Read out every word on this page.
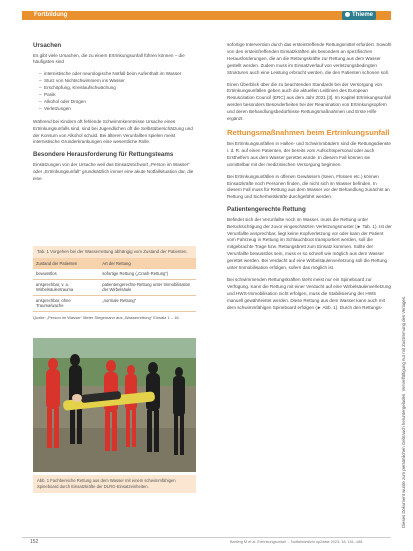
Fortbildung	Thieme
Ursachen

Es gibt viele Ursachen, die zu einem Ertrinkungsunfall führen können – die häufigsten sind

– internistische oder neurologische Notfall beim Aufenthalt im Wasser
– Sturz von Nichtschwimmern ins Wasser
– Erschöpfung, Kreislaufschwächung
– Panik
– Alkohol oder Drogen
– Verletzungen

Während bei Kindern oft fehlende Schwimmkenntnisse Ursache eines Ertrinkungsunfalls sind, sind bei Jugendlichen oft die Selbstüberschätzung und der Konsum von Alkohol schuld. Bei älteren Verunfallten spielen meist internistische Grunderkrankungen eine wesentliche Rolle.

Besondere Herausforderung für Rettungsteams

Einsätzungen von der Ursache weil das Einsatzstichwort „Person im Wasser“ oder „Ertrinkungsunfall“ grundsätzlich immer eine akute Notfallsituation dar, die eine

Tab. 1 Vorgehen bei der Wasserrettung abhängig vom Zustand der Patienten.
Zustand der Patienten	Art der Rettung
bewusstlos	sofortige Rettung („Crash-Rettung“)
ansprechbar, v. a. Wirbelsäulentrauma	patientengerechte Rettung unter Immobilisation der Wirbelsäule
ansprechbar, ohne Trauma/wache	„normale Rettung“
Quelle: „Person im Wasser“ Meter Stegemann aus „Wasserrettung“ Einsatz 1 – 16.
Abb. 1 Fachbereiche Rettung aus dem Wasser mit einem schwimmfähigen Spineboard durch Einsatzkräfte der DLRG-Einsatzeinheiten.

sofortige Intervention durch das ersteintreffende Rettungsmittel erfordert. Sowohl von den ersteinfreffenden Einsatzkräften als besonders an spezifischen Herausforderungen, die an die Rettungskräfte zur Rettung aus dem Wasser gestellt werden. Zudem muss im Einsatzverlauf von verletzungsbedingten Strukturen auch eine Leistung erbracht werden, die den Patienten schonen soll.

Einen Überblick über die zu beachtenden Standards bei der Versorgung von Ertrinkungsunfällen geben auch die aktuellen Leitlinien des European Resuscitation Council (ERC) aus dem Jahr 2021 [3]. Im Kapitel Ertrinkungsunfall werden besonders Besonderheiten bei der Reanimation von Ertrinkungsopfern und deren Behandlungsbedürfnisse Rettungsmaßnahmen und Erste Hilfe ergänzt.

Rettungsmaßnahmen beim Ertrinkungsunfall

Bei Ertrinkungsunfällen in Hallen- und Schwimmbädern sind die Rettungsdienste i. d. R. auf einen Patienten, der bereits vom Aufsichtspersonal oder auch Ersthelfern aus dem Wasser gerettet wurde. In diesem Fall können sie unmittelbar mit der medizinischen Versorgung beginnen.

Bei Ertrinkungsunfällen in offenen Gewässern (Seen, Flüssen etc.) können Einsatzkräfte noch Personen finden, die nicht sich im Wasser befinden. In diesem Fall muss für Rettung aus dem Wasser vor der Behandlung zunächst an Rettung und Sicherheitskräfte durchgeführt werden.

Patientengerechte Rettung

Befindet sich der Verunfallte noch im Wasser, muss die Rettung unter Berücksichtigung der zuvor eingeschätzten Verletzungsmuster (► Tab. 1). Ist der Verunfallte ansprechbar, liegt keine Kopfverletzung vor oder kann der Patient vom Fahrzeug in Rettung im Schlauchboot transportiert werden, soll die mitgebrachte Trage bzw. Rettungsbrett zum Einsatz kommen. Sollte der Verunfallte bewusstlos sein, muss er so schnell wie möglich aus dem Wasser gerettet werden. Bei Verdacht auf eine Wirbelsäulenverletzung soll die Rettung unter Immobilisation erfolgen, sofern das möglich ist.

Bei schwimmenden Rettungskräften steht meist nur ein Spineboard zur Verfügung. Kann die Rettung mit einer Verdacht auf eine Wirbelsäulenverletzung und HWS-Immobilisation nicht erfolgen, muss die Stabilisierung der HWS manuell gewährleistet werden. Diese Rettung aus dem Wasser kann auch mit dem schwimmfähigen Spineboard erfolgen (► Abb. 1). Durch den Rettungs-	Dieses Dokument wurde zum persönlichen Gebrauch heruntergeladen. Vervielfältigung nur mit Zustimmung des Verlages.
152	Bartling M et al. Ertrinkungsunfall ... Notfallmedizin up2date 2023; 18: 151–168
